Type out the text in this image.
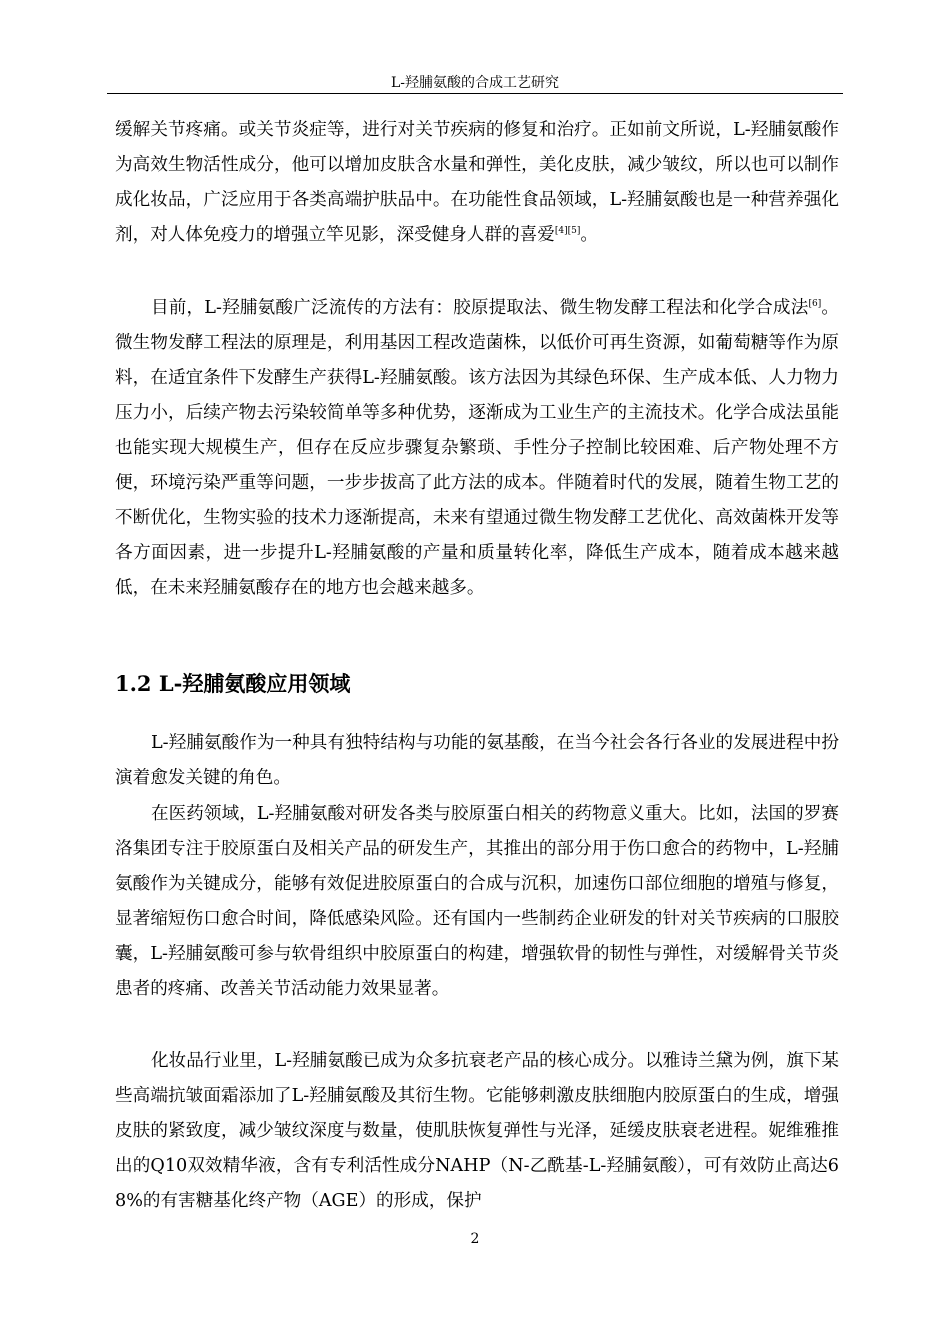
L-羟脯氨酸的合成工艺研究

缓解关节疼痛。或关节炎症等，进行对关节疾病的修复和治疗。正如前文所说，L-羟脯氨酸作为高效生物活性成分，他可以增加皮肤含水量和弹性，美化皮肤，减少皱纹，所以也可以制作成化妆品，广泛应用于各类高端护肤品中。在功能性食品领域，L-羟脯氨酸也是一种营养强化剂，对人体免疫力的增强立竿见影，深受健身人群的喜爱[4][5]。

目前，L-羟脯氨酸广泛流传的方法有：胶原提取法、微生物发酵工程法和化学合成法[6]。微生物发酵工程法的原理是，利用基因工程改造菌株，以低价可再生资源，如葡萄糖等作为原料，在适宜条件下发酵生产获得L-羟脯氨酸。该方法因为其绿色环保、生产成本低、人力物力压力小，后续产物去污染较简单等多种优势，逐渐成为工业生产的主流技术。化学合成法虽能也能实现大规模生产，但存在反应步骤复杂繁琐、手性分子控制比较困难、后产物处理不方便，环境污染严重等问题，一步步拔高了此方法的成本。伴随着时代的发展，随着生物工艺的不断优化，生物实验的技术力逐渐提高，未来有望通过微生物发酵工艺优化、高效菌株开发等各方面因素，进一步提升L-羟脯氨酸的产量和质量转化率，降低生产成本，随着成本越来越低，在未来羟脯氨酸存在的地方也会越来越多。

1.2 L-羟脯氨酸应用领域

L-羟脯氨酸作为一种具有独特结构与功能的氨基酸，在当今社会各行各业的发展进程中扮演着愈发关键的角色。

在医药领域，L-羟脯氨酸对研发各类与胶原蛋白相关的药物意义重大。比如，法国的罗赛洛集团专注于胶原蛋白及相关产品的研发生产，其推出的部分用于伤口愈合的药物中，L-羟脯氨酸作为关键成分，能够有效促进胶原蛋白的合成与沉积，加速伤口部位细胞的增殖与修复，显著缩短伤口愈合时间，降低感染风险。还有国内一些制药企业研发的针对关节疾病的口服胶囊，L-羟脯氨酸可参与软骨组织中胶原蛋白的构建，增强软骨的韧性与弹性，对缓解骨关节炎患者的疼痛、改善关节活动能力效果显著。

化妆品行业里，L-羟脯氨酸已成为众多抗衰老产品的核心成分。以雅诗兰黛为例，旗下某些高端抗皱面霜添加了L-羟脯氨酸及其衍生物。它能够刺激皮肤细胞内胶原蛋白的生成，增强皮肤的紧致度，减少皱纹深度与数量，使肌肤恢复弹性与光泽，延缓皮肤衰老进程。妮维雅推出的Q10双效精华液，含有专利活性成分NAHP（N-乙酰基-L-羟脯氨酸），可有效防止高达68%的有害糖基化终产物（AGE）的形成，保护

2
